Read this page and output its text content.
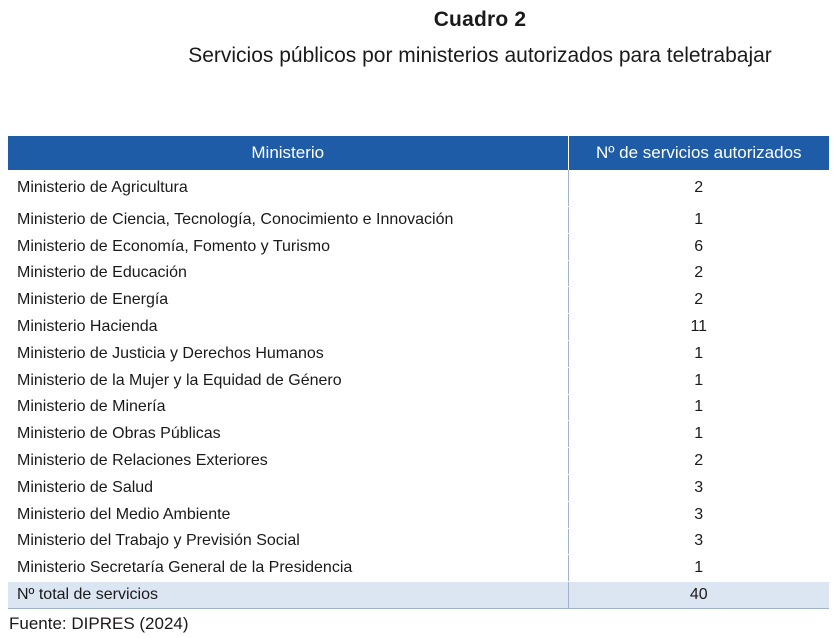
Cuadro 2
Servicios públicos por ministerios autorizados para teletrabajar
Ministerio	Nº de servicios autorizados
Ministerio de Agricultura	2
Ministerio de Ciencia, Tecnología, Conocimiento e Innovación	1
Ministerio de Economía, Fomento y Turismo	6
Ministerio de Educación	2
Ministerio de Energía	2
Ministerio Hacienda	11
Ministerio de Justicia y Derechos Humanos	1
Ministerio de la Mujer y la Equidad de Género	1
Ministerio de Minería	1
Ministerio de Obras Públicas	1
Ministerio de Relaciones Exteriores	2
Ministerio de Salud	3
Ministerio del Medio Ambiente	3
Ministerio del Trabajo y Previsión Social	3
Ministerio Secretaría General de la Presidencia	1
Nº total de servicios	40
Fuente: DIPRES (2024)
